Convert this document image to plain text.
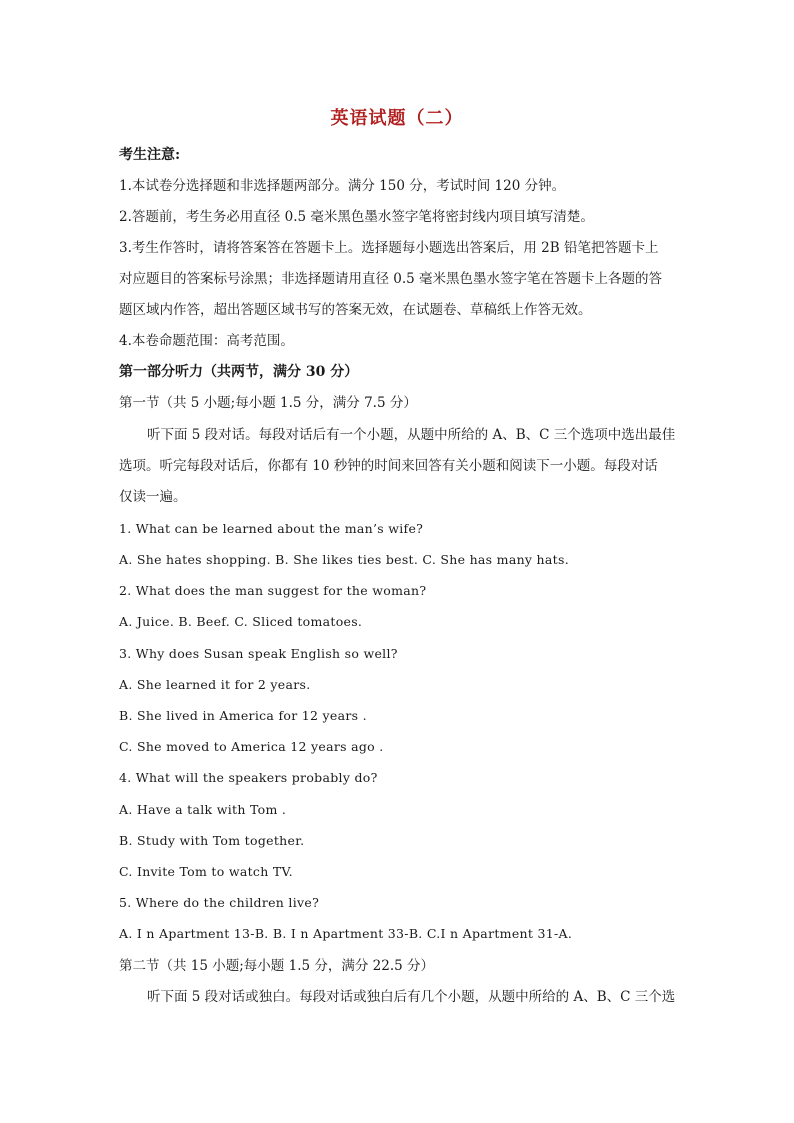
英语试题（二）
考生注意:
1.本试卷分选择题和非选择题两部分。满分 150 分，考试时间 120 分钟。
2.答题前，考生务必用直径 0.5 毫米黑色墨水签字笔将密封线内项目填写清楚。
3.考生作答时，请将答案答在答题卡上。选择题每小题选出答案后，用 2B 铅笔把答题卡上
对应题目的答案标号涂黑；非选择题请用直径 0.5 毫米黑色墨水签字笔在答题卡上各题的答
题区域内作答，超出答题区域书写的答案无效，在试题卷、草稿纸上作答无效。
4.本卷命题范围：高考范围。
第一部分听力（共两节，满分 30 分）
第一节（共 5 小题;每小题 1.5 分，满分 7.5 分）
听下面 5 段对话。每段对话后有一个小题，从题中所给的 A、B、C 三个选项中选出最佳
选项。听完每段对话后，你都有 10 秒钟的时间来回答有关小题和阅读下一小题。每段对话
仅读一遍。
1. What can be learned about the man’s wife?
A. She hates shopping. B. She likes ties best. C. She has many hats.
2. What does the man suggest for the woman?
A. Juice. B. Beef. C. Sliced tomatoes.
3. Why does Susan speak English so well?
A. She learned it for 2 years.
B. She lived in America for 12 years .
C. She moved to America 12 years ago .
4. What will the speakers probably do?
A. Have a talk with Tom .
B. Study with Tom together.
C. Invite Tom to watch TV.
5. Where do the children live?
A. I n Apartment 13-B. B. I n Apartment 33-B. C.I n Apartment 31-A.
第二节（共 15 小题;每小题 1.5 分，满分 22.5 分）
听下面 5 段对话或独白。每段对话或独白后有几个小题，从题中所给的 A、B、C 三个选
